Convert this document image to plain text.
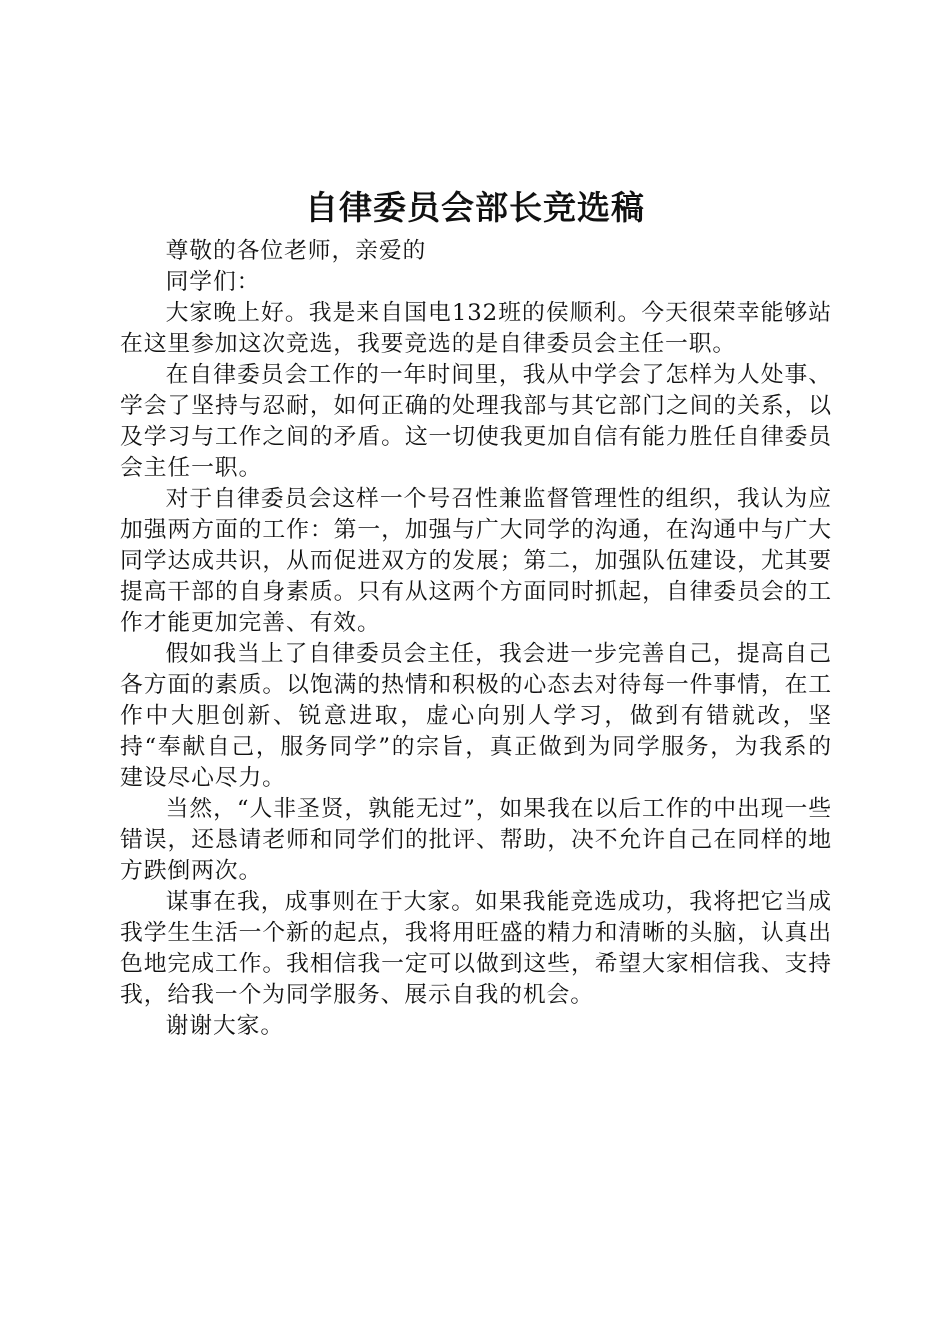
自律委员会部长竞选稿

尊敬的各位老师，亲爱的

同学们：

大家晚上好。我是来自国电132班的侯顺利。今天很荣幸能够站在这里参加这次竞选，我要竞选的是自律委员会主任一职。

在自律委员会工作的一年时间里，我从中学会了怎样为人处事、学会了坚持与忍耐，如何正确的处理我部与其它部门之间的关系，以及学习与工作之间的矛盾。这一切使我更加自信有能力胜任自律委员会主任一职。

对于自律委员会这样一个号召性兼监督管理性的组织，我认为应加强两方面的工作：第一，加强与广大同学的沟通，在沟通中与广大同学达成共识，从而促进双方的发展；第二，加强队伍建设，尤其要提高干部的自身素质。只有从这两个方面同时抓起，自律委员会的工作才能更加完善、有效。

假如我当上了自律委员会主任，我会进一步完善自己，提高自己各方面的素质。以饱满的热情和积极的心态去对待每一件事情，在工作中大胆创新、锐意进取，虚心向别人学习，做到有错就改，坚持“奉献自己，服务同学”的宗旨，真正做到为同学服务，为我系的建设尽心尽力。

当然，“人非圣贤，孰能无过”，如果我在以后工作的中出现一些错误，还恳请老师和同学们的批评、帮助，决不允许自己在同样的地方跌倒两次。

谋事在我，成事则在于大家。如果我能竞选成功，我将把它当成我学生生活一个新的起点，我将用旺盛的精力和清晰的头脑，认真出色地完成工作。我相信我一定可以做到这些，希望大家相信我、支持我，给我一个为同学服务、展示自我的机会。

谢谢大家。
